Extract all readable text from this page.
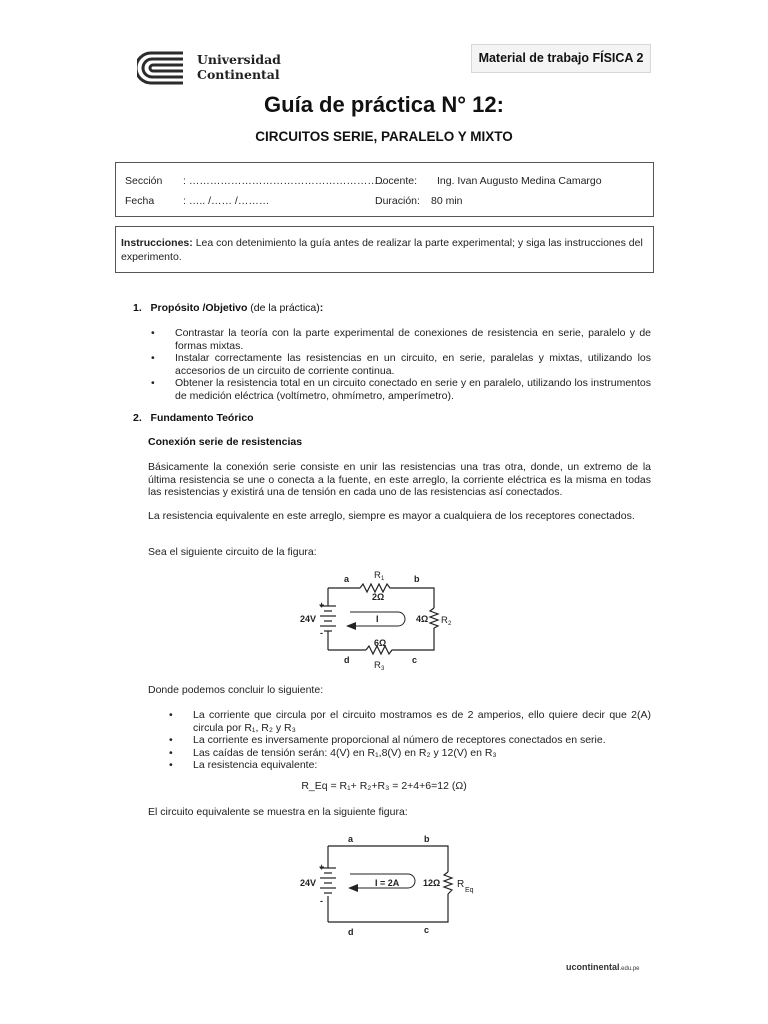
Universidad
Continental
Material de trabajo FÍSICA 2
Guía de práctica N° 12:
CIRCUITOS SERIE, PARALELO Y MIXTO
Sección : ……………………………………………… .
Docente: Ing. Ivan Augusto Medina Camargo
Fecha	: ….. /…… /………	Duración: 80 min
Instrucciones: Lea con detenimiento la guía antes de realizar la parte experimental; y siga las instrucciones del experimento.
1. Propósito /Objetivo (de la práctica):
• Contrastar la teoría con la parte experimental de conexiones de resistencia en serie, paralelo y de formas mixtas.
• Instalar correctamente las resistencias en un circuito, en serie, paralelas y mixtas, utilizando los accesorios de un circuito de corriente continua.
• Obtener la resistencia total en un circuito conectado en serie y en paralelo, utilizando los instrumentos de medición eléctrica (voltímetro, ohmímetro, amperímetro).
2. Fundamento Teórico
Conexión serie de resistencias
Básicamente la conexión serie consiste en unir las resistencias una tras otra, donde, un extremo de la última resistencia se une o conecta a la fuente, en este arreglo, la corriente eléctrica es la misma en todas las resistencias y existirá una de tensión en cada uno de las resistencias así conectados.
La resistencia equivalente en este arreglo, siempre es mayor a cualquiera de los receptores conectados.
Sea el siguiente circuito de la figura:
a	b
c
d
24V
+
-
2Ω
4Ω
6Ω
I
R 1
R 2
R 3
Donde podemos concluir lo siguiente:
• La corriente que circula por el circuito mostramos es de 2 amperios, ello quiere decir que 2(A) circula por R₁, R₂ y R₃
• La corriente es inversamente proporcional al número de receptores conectados en serie.
• Las caídas de tensión serán: 4(V) en R₁,8(V) en R₂ y 12(V) en R₃
• La resistencia equivalente:
R_Eq = R₁+ R₂+R₃ = 2+4+6=12 (Ω)
El circuito equivalente se muestra en la siguiente figura:
a	b
c
d
24V
+
-
I = 2A	12Ω R
Eq
ucontinental.edu.pe
